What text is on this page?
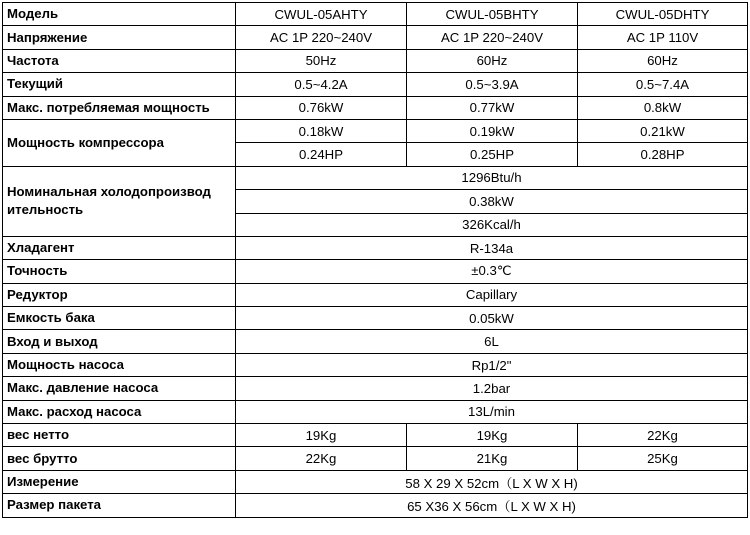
Модель	CWUL-05AHTY	CWUL-05BHTY	CWUL-05DHTY
Напряжение	AC 1P 220~240V	AC 1P 220~240V	AC 1P 110V
Частота	50Hz	60Hz	60Hz
Текущий	0.5~4.2A	0.5~3.9A	0.5~7.4A
Макс. потребляемая мощность	0.76kW	0.77kW	0.8kW
Мощность компрессора	0.18kW	0.19kW	0.21kW
	0.24HP	0.25HP	0.28HP
Номинальная холодопроизвод ительность	1296Btu/h		
	0.38kW		
	326Kcal/h		
Хладагент	R-134a		
Точность	±0.3℃		
Редуктор	Capillary		
Емкость бака	0.05kW		
Вход и выход	6L		
Мощность насоса	Rp1/2"		
Макс. давление насоса	1.2bar		
Макс. расход насоса	13L/min		
вес нетто	19Kg	19Kg	22Kg
вес брутто	22Kg	21Kg	25Kg
Измерение	58 X 29 X 52cm（L X W X H)		
Размер пакета	65 X36 X 56cm（L X W X H)		
